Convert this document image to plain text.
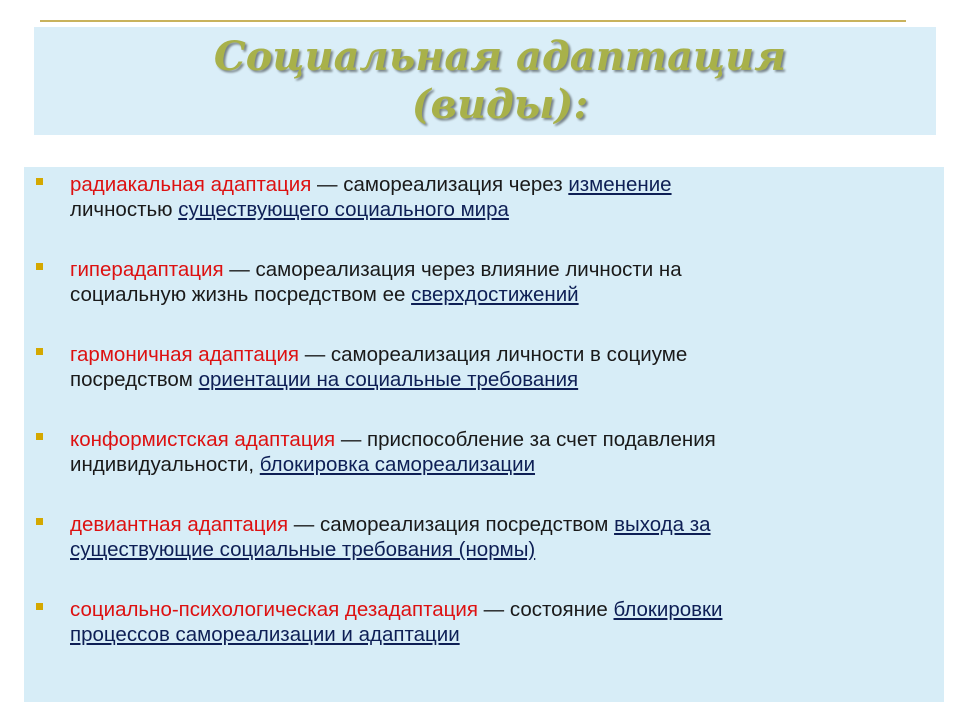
Социальная адаптация
(виды):
радиакальная адаптация — самореализация через изменение
личностью существующего социального мира
гиперадаптация — самореализация через влияние личности на
социальную жизнь посредством ее сверхдостижений
гармоничная адаптация — самореализация личности в социуме
посредством ориентации на социальные требования
конформистская адаптация — приспособление за счет подавления
индивидуальности, блокировка самореализации
девиантная адаптация — самореализация посредством выхода за
существующие социальные требования (нормы)
социально-психологическая дезадаптация — состояние блокировки
процессов самореализации и адаптации
